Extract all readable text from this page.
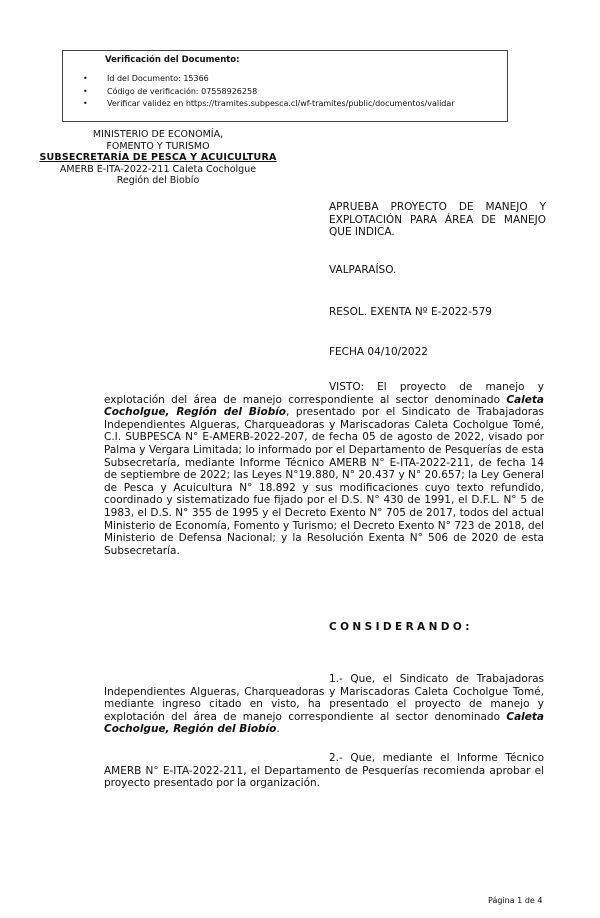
Verificación del Documento:
• Id del Documento: 15366
• Código de verificación: 07558926258
• Verificar validez en https://tramites.subpesca.cl/wf-tramites/public/documentos/validar
MINISTERIO DE ECONOMÍA,
FOMENTO Y TURISMO
SUBSECRETARÍA DE PESCA Y ACUICULTURA
AMERB E-ITA-2022-211 Caleta Cocholgue
Región del Biobío
APRUEBA PROYECTO DE MANEJO Y EXPLOTACIÓN PARA ÁREA DE MANEJO QUE INDICA.
VALPARAÍSO.
RESOL. EXENTA Nº E-2022-579
FECHA 04/10/2022
VISTO: El proyecto de manejo y explotación del área de manejo correspondiente al sector denominado Caleta Cocholgue, Región del Biobío, presentado por el Sindicato de Trabajadoras Independientes Algueras, Charqueadoras y Mariscadoras Caleta Cocholgue Tomé, C.I. SUBPESCA N° E-AMERB-2022-207, de fecha 05 de agosto de 2022, visado por Palma y Vergara Limitada; lo informado por el Departamento de Pesquerías de esta Subsecretaría, mediante Informe Técnico AMERB N° E-ITA-2022-211, de fecha 14 de septiembre de 2022; las Leyes N°19.880, N° 20.437 y N° 20.657; la Ley General de Pesca y Acuicultura N° 18.892 y sus modificaciones cuyo texto refundido, coordinado y sistematizado fue fijado por el D.S. N° 430 de 1991, el D.F.L. N° 5 de 1983, el D.S. N° 355 de 1995 y el Decreto Exento N° 705 de 2017, todos del actual Ministerio de Economía, Fomento y Turismo; el Decreto Exento N° 723 de 2018, del Ministerio de Defensa Nacional; y la Resolución Exenta N° 506 de 2020 de esta Subsecretaría.
CONSIDERANDO:
1.- Que, el Sindicato de Trabajadoras Independientes Algueras, Charqueadoras y Mariscadoras Caleta Cocholgue Tomé, mediante ingreso citado en visto, ha presentado el proyecto de manejo y explotación del área de manejo correspondiente al sector denominado Caleta Cocholgue, Región del Biobío.
2.- Que, mediante el Informe Técnico AMERB N° E-ITA-2022-211, el Departamento de Pesquerías recomienda aprobar el proyecto presentado por la organización.
Página 1 de 4
